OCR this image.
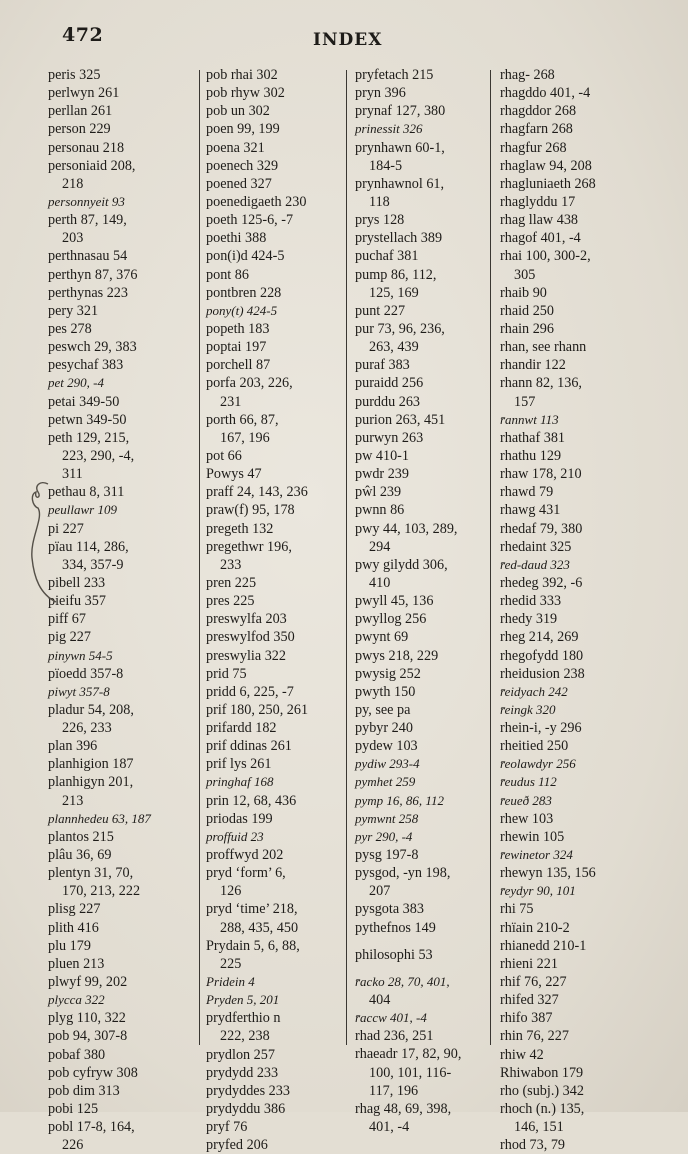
472	INDEX
peris 325
perlwyn 261
perllan 261
person 229
personau 218
personiaid 208,
218
personnyeit 93
perth 87, 149,
203
perthnasau 54
perthyn 87, 376
perthynas 223
pery 321
pes 278
peswch 29, 383
pesychaf 383
pet 290, -4
petai 349-50
petwn 349-50
peth 129, 215,
223, 290, -4,
311
pethau 8, 311
peullawr 109
pi 227
pïau 114, 286,
334, 357-9
pibell 233
pieifu 357
piff 67
pig 227
pinywn 54-5
pïoedd 357-8
piwyt 357-8
pladur 54, 208,
226, 233
plan 396
planhigion 187
planhigyn 201,
213
plannhedeu 63, 187
plantos 215
plâu 36, 69
plentyn 31, 70,
170, 213, 222
plisg 227
plith 416
plu 179
pluen 213
plwyf 99, 202
plycca 322
plyg 110, 322
pob 94, 307-8
pobaf 380
pob cyfryw 308
pob dim 313
pobi 125
pobl 17-8, 164,
226
pob rhai 302
pob rhyw 302
pob un 302
poen 99, 199
poena 321
poenech 329
poened 327
poenedigaeth 230
poeth 125-6, -7
poethi 388
pon(i)d 424-5
pont 86
pontbren 228
pony(t) 424-5
popeth 183
poptai 197
porchell 87
porfa 203, 226,
231
porth 66, 87,
167, 196
pot 66
Powys 47
praff 24, 143, 236
praw(f) 95, 178
pregeth 132
pregethwr 196,
233
pren 225
pres 225
preswylfa 203
preswylfod 350
preswylia 322
prid 75
pridd 6, 225, -7
prif 180, 250, 261
prifardd 182
prif ddinas 261
prif lys 261
pringhaf 168
prin 12, 68, 436
priodas 199
proffuid 23
proffwyd 202
pryd ‘form’ 6,
126
pryd ‘time’ 218,
288, 435, 450
Prydain 5, 6, 88,
225
Pridein 4
Pryden 5, 201
prydferthio n
222, 238
prydlon 257
prydydd 233
prydyddes 233
prydyddu 386
pryf 76
pryfed 206
pryfetach 215
pryn 396
prynaf 127, 380
prinessit 326
prynhawn 60-1,
184-5
prynhawnol 61,
118
prys 128
prystellach 389
puchaf 381
pump 86, 112,
125, 169
punt 227
pur 73, 96, 236,
263, 439
puraf 383
puraidd 256
purddu 263
purion 263, 451
purwyn 263
pw 410-1
pwdr 239
pŵl 239
pwnn 86
pwy 44, 103, 289,
294
pwy gilydd 306,
410
pwyll 45, 136
pwyllog 256
pwynt 69
pwys 218, 229
pwysig 252
pwyth 150
py, see pa
pybyr 240
pydew 103
pydiw 293-4
pymhet 259
pymp 16, 86, 112
pymwnt 258
pyr 290, -4
pysg 197-8
pysgod, -yn 198,
207
pysgota 383
pythefnos 149
philosophi 53
r̄acko 28, 70, 401,
404
r̄accw 401, -4
rhad 236, 251
rhaeadr 17, 82, 90,
100, 101, 116-
117, 196
rhag 48, 69, 398,
401, -4
rhag- 268
rhagddo 401, -4
rhagddor 268
rhagfarn 268
rhagfur 268
rhaglaw 94, 208
rhagluniaeth 268
rhaglyddu 17
rhag llaw 438
rhagof 401, -4
rhai 100, 300-2,
305
rhaib 90
rhaid 250
rhain 296
rhan, see rhann
rhandir 122
rhann 82, 136,
157
r̄annwt 113
rhathaf 381
rhathu 129
rhaw 178, 210
rhawd 79
rhawg 431
rhedaf 79, 380
rhedaint 325
r̄ed-daud 323
rhedeg 392, -6
rhedid 333
rhedy 319
rheg 214, 269
rhegofydd 180
rheidusion 238
r̄eidyach 242
r̄eingk 320
rhein-i, -y 296
rheitied 250
r̄eolawdyr 256
r̄eudus 112
r̄eueð 283
rhew 103
rhewin 105
r̄ewinetor 324
rhewyn 135, 156
r̄eydyr 90, 101
rhi 75
rhïain 210-2
rhianedd 210-1
rhieni 221
rhif 76, 227
rhifed 327
rhifo 387
rhin 76, 227
rhiw 42
Rhiwabon 179
rho (subj.) 342
rhoch (n.) 135,
146, 151
rhod 73, 79
